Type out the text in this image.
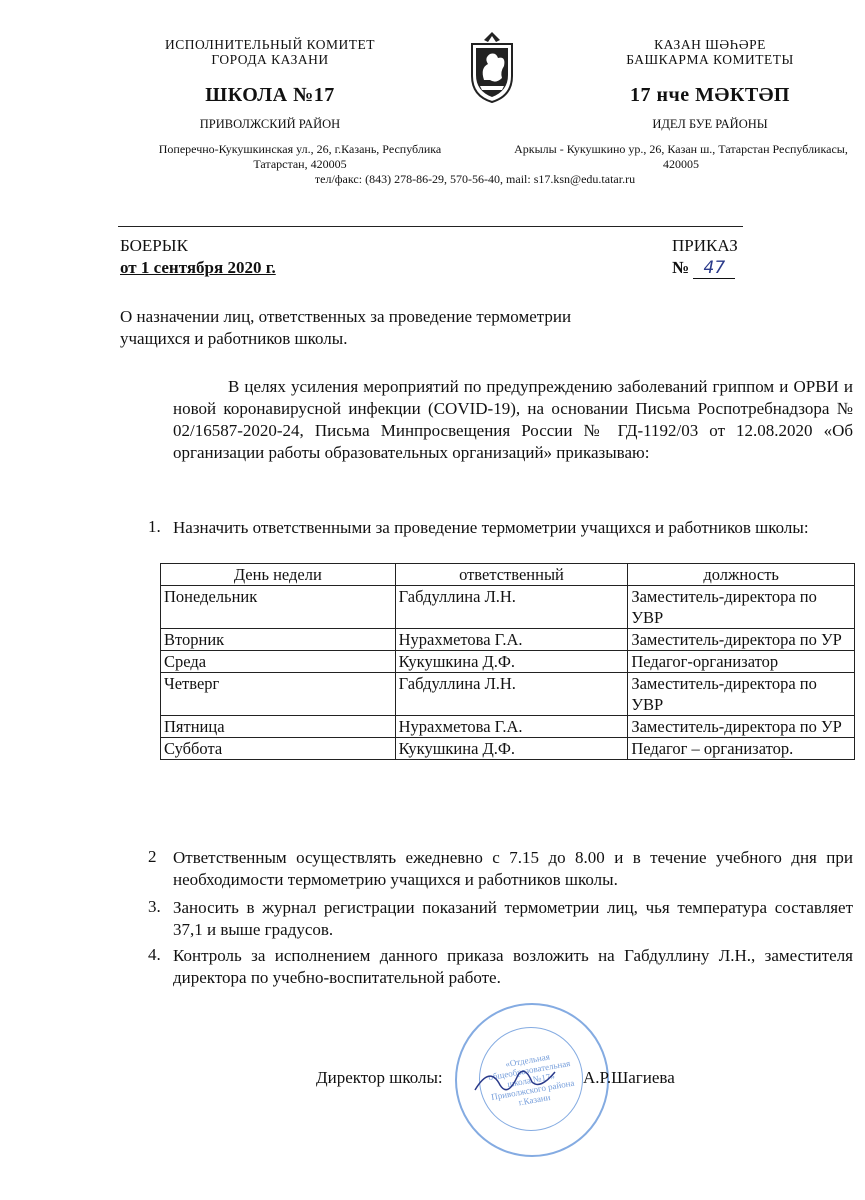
ИСПОЛНИТЕЛЬНЫЙ КОМИТЕТ
ГОРОДА КАЗАНИ
ШКОЛА №17
ПРИВОЛЖСКИЙ РАЙОН
Поперечно-Кукушкинская ул., 26, г.Казань, Республика
Татарстан, 420005
КАЗАН ШӘҺӘРЕ
БАШКАРМА КОМИТЕТЫ
17 нче МӘКТӘП
ИДЕЛ БУЕ РАЙОНЫ
Аркылы - Кукушкино ур., 26, Казан ш., Татарстан Республикасы,
420005
тел/факс: (843) 278-86-29, 570-56-40, mail: s17.ksn@edu.tatar.ru
БОЕРЫК
от 1 сентября 2020 г.
ПРИКАЗ
№ 47
О назначении лиц, ответственных за проведение термометрии
учащихся и работников школы.
В целях усиления мероприятий по предупреждению заболеваний гриппом и ОРВИ и новой коронавирусной инфекции (COVID-19), на основании Письма Роспотребнадзора № 02/16587-2020-24, Письма Минпросвещения России № ГД-1192/03 от 12.08.2020 «Об организации работы образовательных организаций» приказываю:
1. Назначить ответственными за проведение термометрии учащихся и работников школы:
День недели	ответственный	должность
Понедельник	Габдуллина Л.Н.	Заместитель-директора по УВР
Вторник	Нурахметова Г.А.	Заместитель-директора по УР
Среда	Кукушкина Д.Ф.	Педагог-организатор
Четверг	Габдуллина Л.Н.	Заместитель-директора по УВР
Пятница	Нурахметова Г.А.	Заместитель-директора по УР
Суббота	Кукушкина Д.Ф.	Педагог – организатор.
2 Ответственным осуществлять ежедневно с 7.15 до 8.00 и в течение учебного дня при необходимости термометрию учащихся и работников школы.
3. Заносить в журнал регистрации показаний термометрии лиц, чья температура составляет 37,1 и выше градусов.
4. Контроль за исполнением данного приказа возложить на Габдуллину Л.Н., заместителя директора по учебно-воспитательной работе.
«Отдельная общеобразовательная школа №17» Приволжского района г.Казани
Директор школы:	А.Р.Шагиева
